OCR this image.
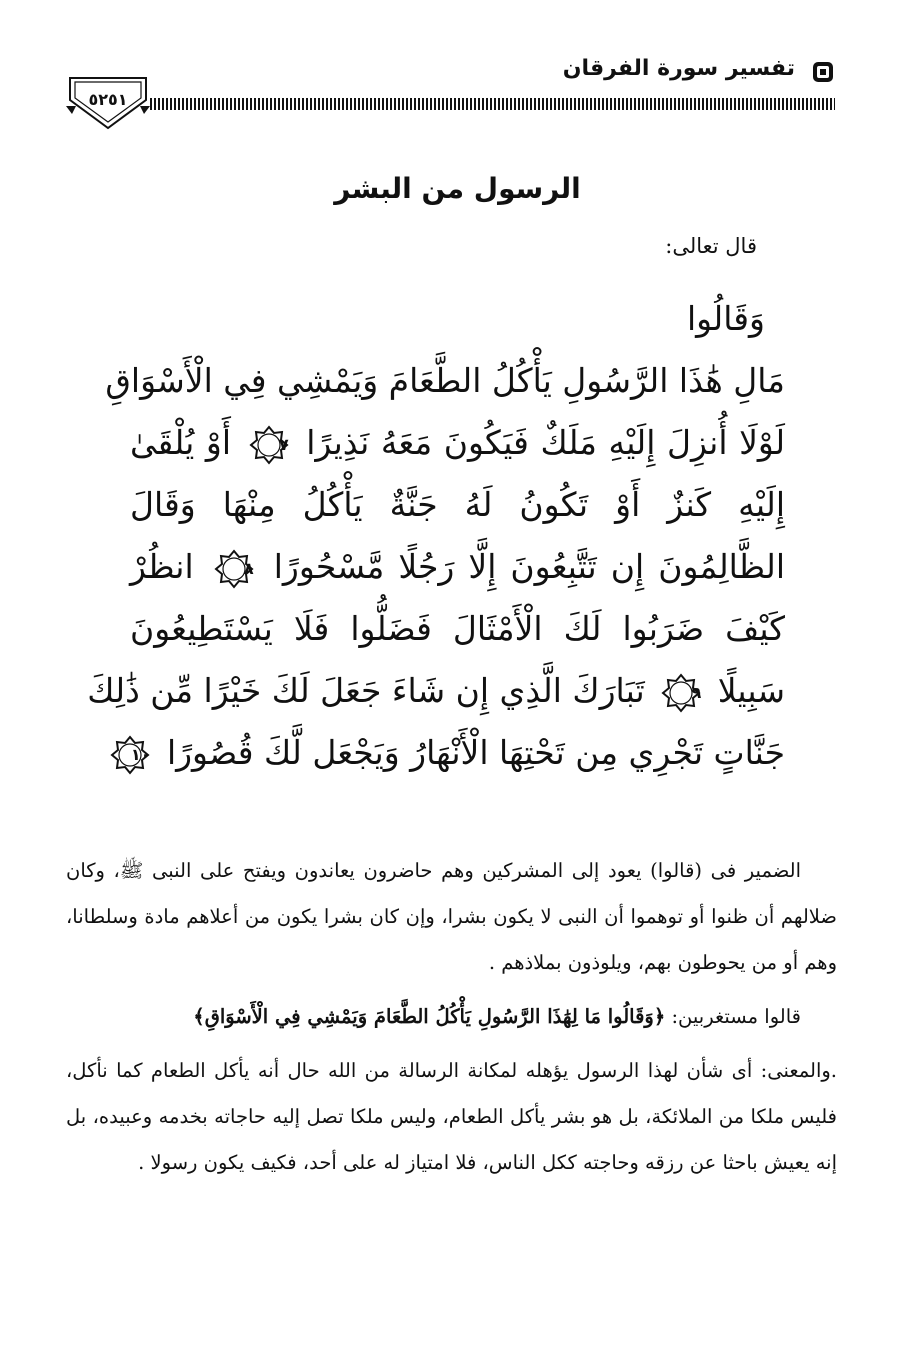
٥٢٥١
تفسير سورة الفرقان
الرسول من البشر
قال تعالى:
وَقَالُوا
مَالِ هَٰذَا الرَّسُولِ يَأْكُلُ الطَّعَامَ وَيَمْشِي فِي الْأَسْوَاقِ
لَوْلَا أُنزِلَ إِلَيْهِ مَلَكٌ فَيَكُونَ مَعَهُ نَذِيرًا
٧
أَوْ يُلْقَىٰ
إِلَيْهِ كَنزٌ أَوْ تَكُونُ لَهُ جَنَّةٌ يَأْكُلُ مِنْهَا وَقَالَ
الظَّالِمُونَ إِن تَتَّبِعُونَ إِلَّا رَجُلًا مَّسْحُورًا
٨
انظُرْ
كَيْفَ ضَرَبُوا لَكَ الْأَمْثَالَ فَضَلُّوا فَلَا يَسْتَطِيعُونَ
سَبِيلًا
٩
تَبَارَكَ الَّذِي إِن شَاءَ جَعَلَ لَكَ خَيْرًا مِّن ذَٰلِكَ
جَنَّاتٍ تَجْرِي مِن تَحْتِهَا الْأَنْهَارُ وَيَجْعَل لَّكَ قُصُورًا
١٠

الضمير فى (قالوا) يعود إلى المشركين وهم حاضرون يعاندون ويفتح على النبى ﷺ، وكان ضلالهم أن ظنوا أو توهموا أن النبى لا يكون بشرا، وإن كان بشرا يكون من أعلاهم مادة وسلطانا، وهم أو من يحوطون بهم، ويلوذون بملاذهم .

قالوا مستغربين: ﴿وَقَالُوا مَا لِهَٰذَا الرَّسُولِ يَأْكُلُ الطَّعَامَ وَيَمْشِي فِي الْأَسْوَاقِ﴾

.والمعنى: أى شأن لهذا الرسول يؤهله لمكانة الرسالة من الله حال أنه يأكل الطعام كما نأكل، فليس ملكا من الملائكة، بل هو بشر يأكل الطعام، وليس ملكا تصل إليه حاجاته بخدمه وعبيده، بل إنه يعيش باحثا عن رزقه وحاجته ككل الناس، فلا امتياز له على أحد، فكيف يكون رسولا .
